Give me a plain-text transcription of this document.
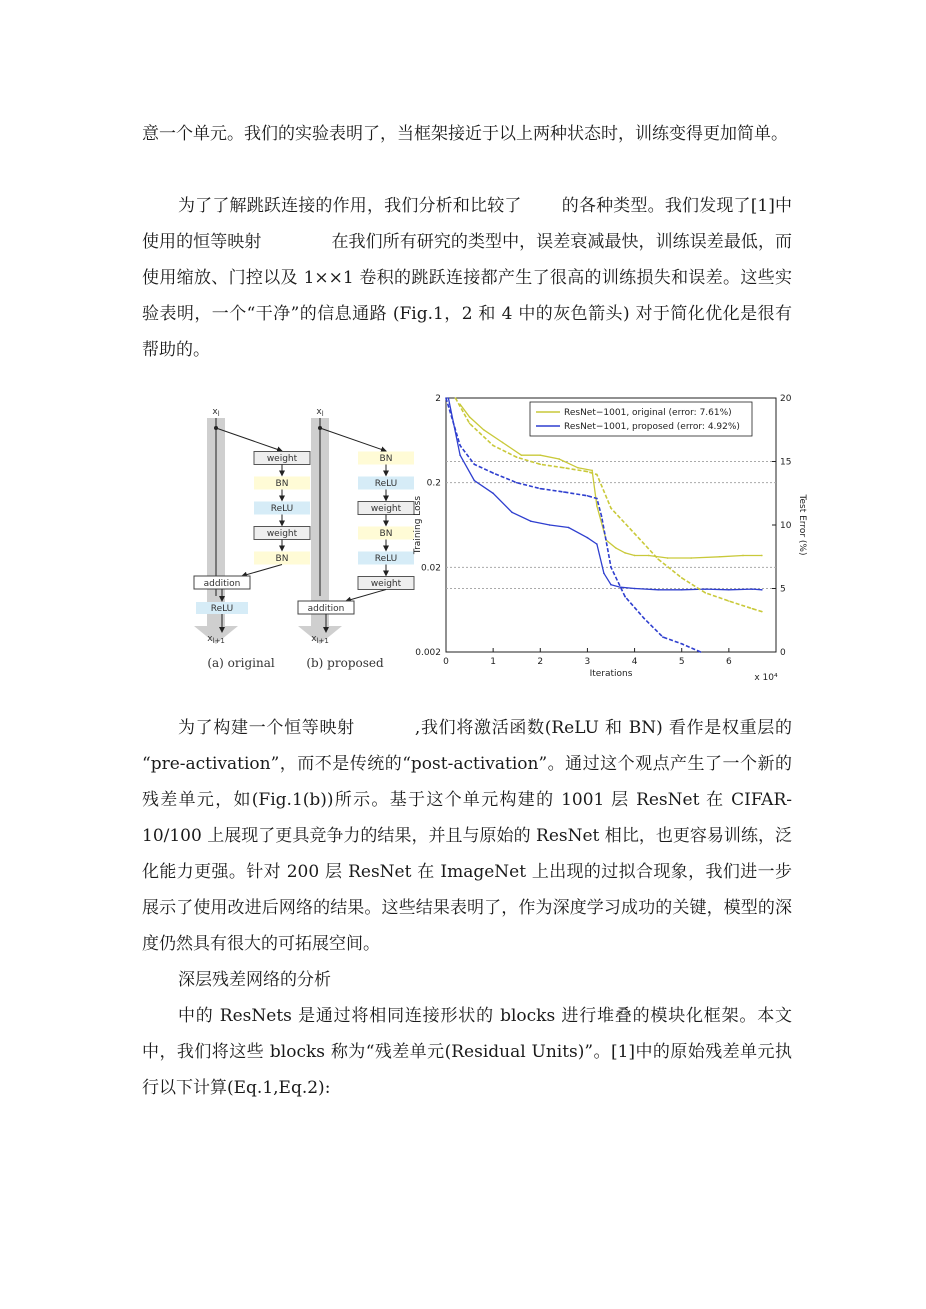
意一个单元。我们的实验表明了，当框架接近于以上两种状态时，训练变得更加简单。

为了了解跳跃连接的作用，我们分析和比较了 的各种类型。我们发现了[1]中使用的恒等映射	在我们所有研究的类型中，误差衰减最快，训练误差最低，而使用缩放、门控以及 1××1 卷积的跳跃连接都产生了很高的训练损失和误差。这些实验表明，一个“干净”的信息通路 (Fig.1，2 和 4 中的灰色箭头) 对于简化优化是很有帮助的。

$x_l$
weight
BN
ReLU
weight
BN
addition
ReLU
$x_{l+1}$
(a) original
$x_l$
BN
ReLU
weight
BN
ReLU
weight
addition
$x_{l+1}$
(b) proposed
2
0.2
0.02
0.002	0
5
10
15
20
0	1	2	3	4	5	6
Iterations	x 10⁴
Training Loss	Test Error (%)
ResNet−1001, original (error: 7.61%)
ResNet−1001, proposed (error: 4.92%)

为了构建一个恒等映射	,我们将激活函数(ReLU 和 BN) 看作是权重层的 “pre-activation”，而不是传统的“post-activation”。通过这个观点产生了一个新的残差单元，如(Fig.1(b))所示。基于这个单元构建的 1001 层 ResNet 在 CIFAR-10/100 上展现了更具竞争力的结果，并且与原始的 ResNet 相比，也更容易训练，泛化能力更强。针对 200 层 ResNet 在 ImageNet 上出现的过拟合现象，我们进一步展示了使用改进后网络的结果。这些结果表明了，作为深度学习成功的关键，模型的深度仍然具有很大的可拓展空间。

深层残差网络的分析

中的 ResNets 是通过将相同连接形状的 blocks 进行堆叠的模块化框架。本文中，我们将这些 blocks 称为“残差单元(Residual Units)”。[1]中的原始残差单元执行以下计算(Eq.1,Eq.2):
